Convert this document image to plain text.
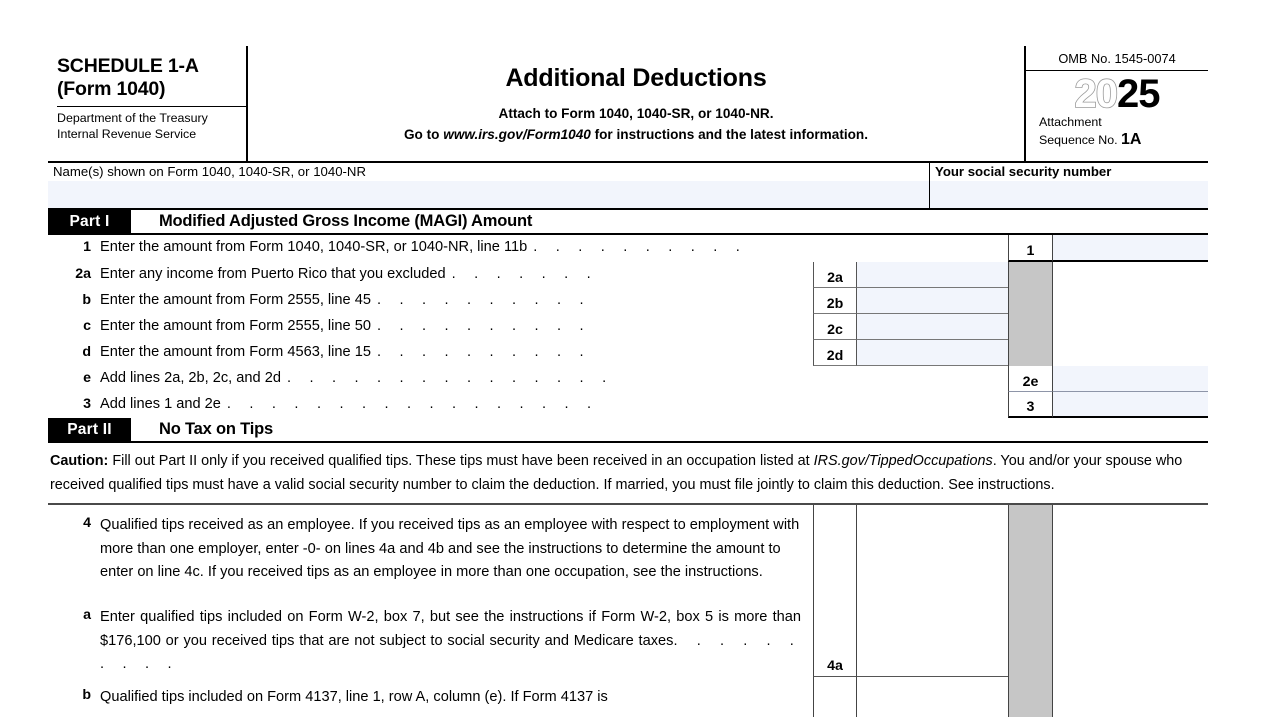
SCHEDULE 1-A
(Form 1040)
Department of the Treasury
Internal Revenue Service
Additional Deductions
Attach to Form 1040, 1040-SR, or 1040-NR.
Go to www.irs.gov/Form1040 for instructions and the latest information.
OMB No. 1545-0074
2025
Attachment
Sequence No. 1A
Name(s) shown on Form 1040, 1040-SR, or 1040-NR	Your social security number
Part I	Modified Adjusted Gross Income (MAGI) Amount
1 Enter the amount from Form 1040, 1040-SR, or 1040-NR, line 11b . . . . . . . . . .	1
2a Enter any income from Puerto Rico that you excluded . . . . . . .	2a
b Enter the amount from Form 2555, line 45 . . . . . . . . . .	2b
c Enter the amount from Form 2555, line 50 . . . . . . . . . .	2c
d Enter the amount from Form 4563, line 15 . . . . . . . . . .	2d
e Add lines 2a, 2b, 2c, and 2d . . . . . . . . . . . . . . .	2e
3 Add lines 1 and 2e . . . . . . . . . . . . . . . . .	3
Part II	No Tax on Tips
Caution: Fill out Part II only if you received qualified tips. These tips must have been received in an occupation listed at IRS.gov/TippedOccupations. You and/or your spouse who received qualified tips must have a valid social security number to claim the deduction. If married, you must file jointly to claim this deduction. See instructions.
4 Qualified tips received as an employee. If you received tips as an employee with respect to employment with more than one employer, enter -0- on lines 4a and 4b and see the instructions to determine the amount to enter on line 4c. If you received tips as an employee in more than one occupation, see the instructions.
a Enter qualified tips included on Form W-2, box 7, but see the instructions if Form W-2, box 5 is more than $176,100 or you received tips that are not subject to social security and Medicare taxes. . . . . . . . . .	4a
b Qualified tips included on Form 4137, line 1, row A, column (e). If Form 4137 is
